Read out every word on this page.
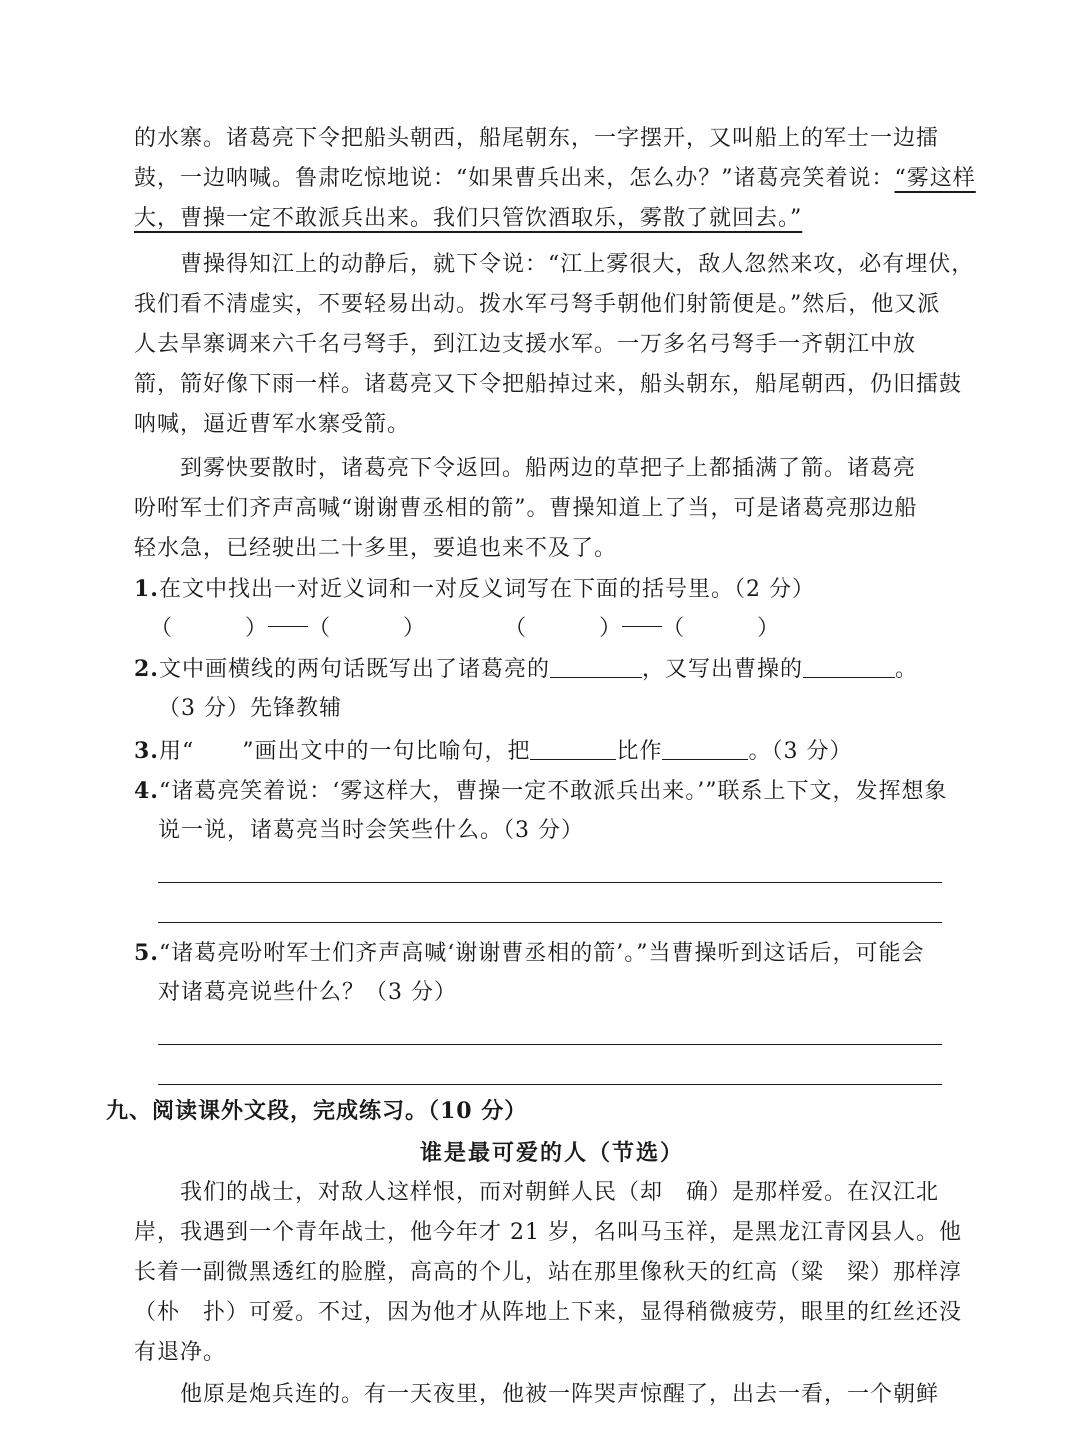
的水寨。诸葛亮下令把船头朝西，船尾朝东，一字摆开，又叫船上的军士一边擂
鼓，一边呐喊。鲁肃吃惊地说：“如果曹兵出来，怎么办？”诸葛亮笑着说：“雾这样
大，曹操一定不敢派兵出来。我们只管饮酒取乐，雾散了就回去。”
曹操得知江上的动静后，就下令说：“江上雾很大，敌人忽然来攻，必有埋伏，
我们看不清虚实，不要轻易出动。拨水军弓弩手朝他们射箭便是。”然后，他又派
人去旱寨调来六千名弓弩手，到江边支援水军。一万多名弓弩手一齐朝江中放
箭，箭好像下雨一样。诸葛亮又下令把船掉过来，船头朝东，船尾朝西，仍旧擂鼓
呐喊，逼近曹军水寨受箭。
到雾快要散时，诸葛亮下令返回。船两边的草把子上都插满了箭。诸葛亮
吩咐军士们齐声高喊“谢谢曹丞相的箭”。曹操知道上了当，可是诸葛亮那边船
轻水急，已经驶出二十多里，要追也来不及了。
1.在文中找出一对近义词和一对反义词写在下面的括号里。（2 分）
（	） （	）	（	） （	）
2.文中画横线的两句话既写出了诸葛亮的	，又写出曹操的	。
（3 分）先锋教辅
3.用“ ”画出文中的一句比喻句，把	比作	。（3 分）
4.“诸葛亮笑着说：‘雾这样大，曹操一定不敢派兵出来。’”联系上下文，发挥想象
说一说，诸葛亮当时会笑些什么。（3 分）
5.“诸葛亮吩咐军士们齐声高喊‘谢谢曹丞相的箭’。”当曹操听到这话后，可能会
对诸葛亮说些什么？（3 分）
九、阅读课外文段，完成练习。（10 分）
谁是最可爱的人（节选）
我们的战士，对敌人这样恨，而对朝鲜人民（却　确）是那样爱。在汉江北
岸，我遇到一个青年战士，他今年才 21 岁，名叫马玉祥，是黑龙江青冈县人。他
长着一副微黑透红的脸膛，高高的个儿，站在那里像秋天的红高（粱　梁）那样淳
（朴　扑）可爱。不过，因为他才从阵地上下来，显得稍微疲劳，眼里的红丝还没
有退净。
他原是炮兵连的。有一天夜里，他被一阵哭声惊醒了，出去一看，一个朝鲜
